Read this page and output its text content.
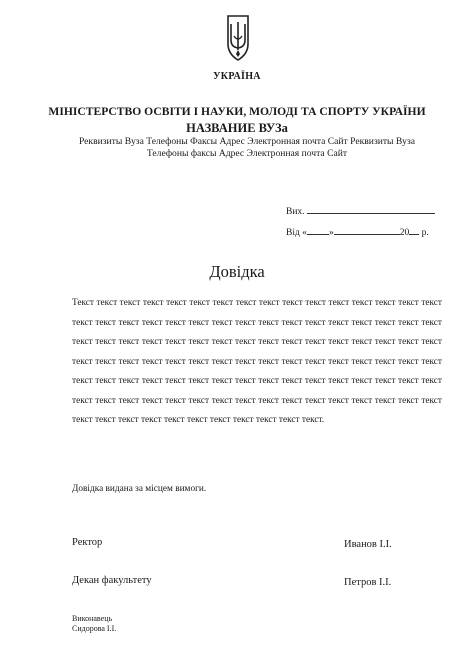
УКРАЇНА
МІНІСТЕРСТВО ОСВІТИ І НАУКИ, МОЛОДІ ТА СПОРТУ УКРАЇНИ
НАЗВАНИЕ ВУЗа
Реквизиты Вуза Телефоны Факсы Адрес Электронная почта Сайт Реквизиты Вуза
Телефоны факсы Адрес Электронная почта Сайт
Вих.
Від « »	20 р.
Довідка
Текст текст текст текст текст текст текст текст текст текст текст текст текст текст текст текст текст текст текст текст текст текст текст текст текст текст текст текст текст текст текст текст текст текст текст текст текст текст текст текст текст текст текст текст текст текст текст текст текст текст текст текст текст текст текст текст текст текст текст текст текст текст текст текст текст текст текст текст текст текст текст текст текст текст текст текст текст текст текст текст текст текст текст текст текст текст текст текст текст текст текст текст текст текст текст текст текст текст текст текст текст текст текст текст текст текст текст.
Довідка видана за місцем вимоги.
Ректор	Иванов І.І.
Декан факультету	Петров І.І.
Виконавець
Сидорова І.І.
